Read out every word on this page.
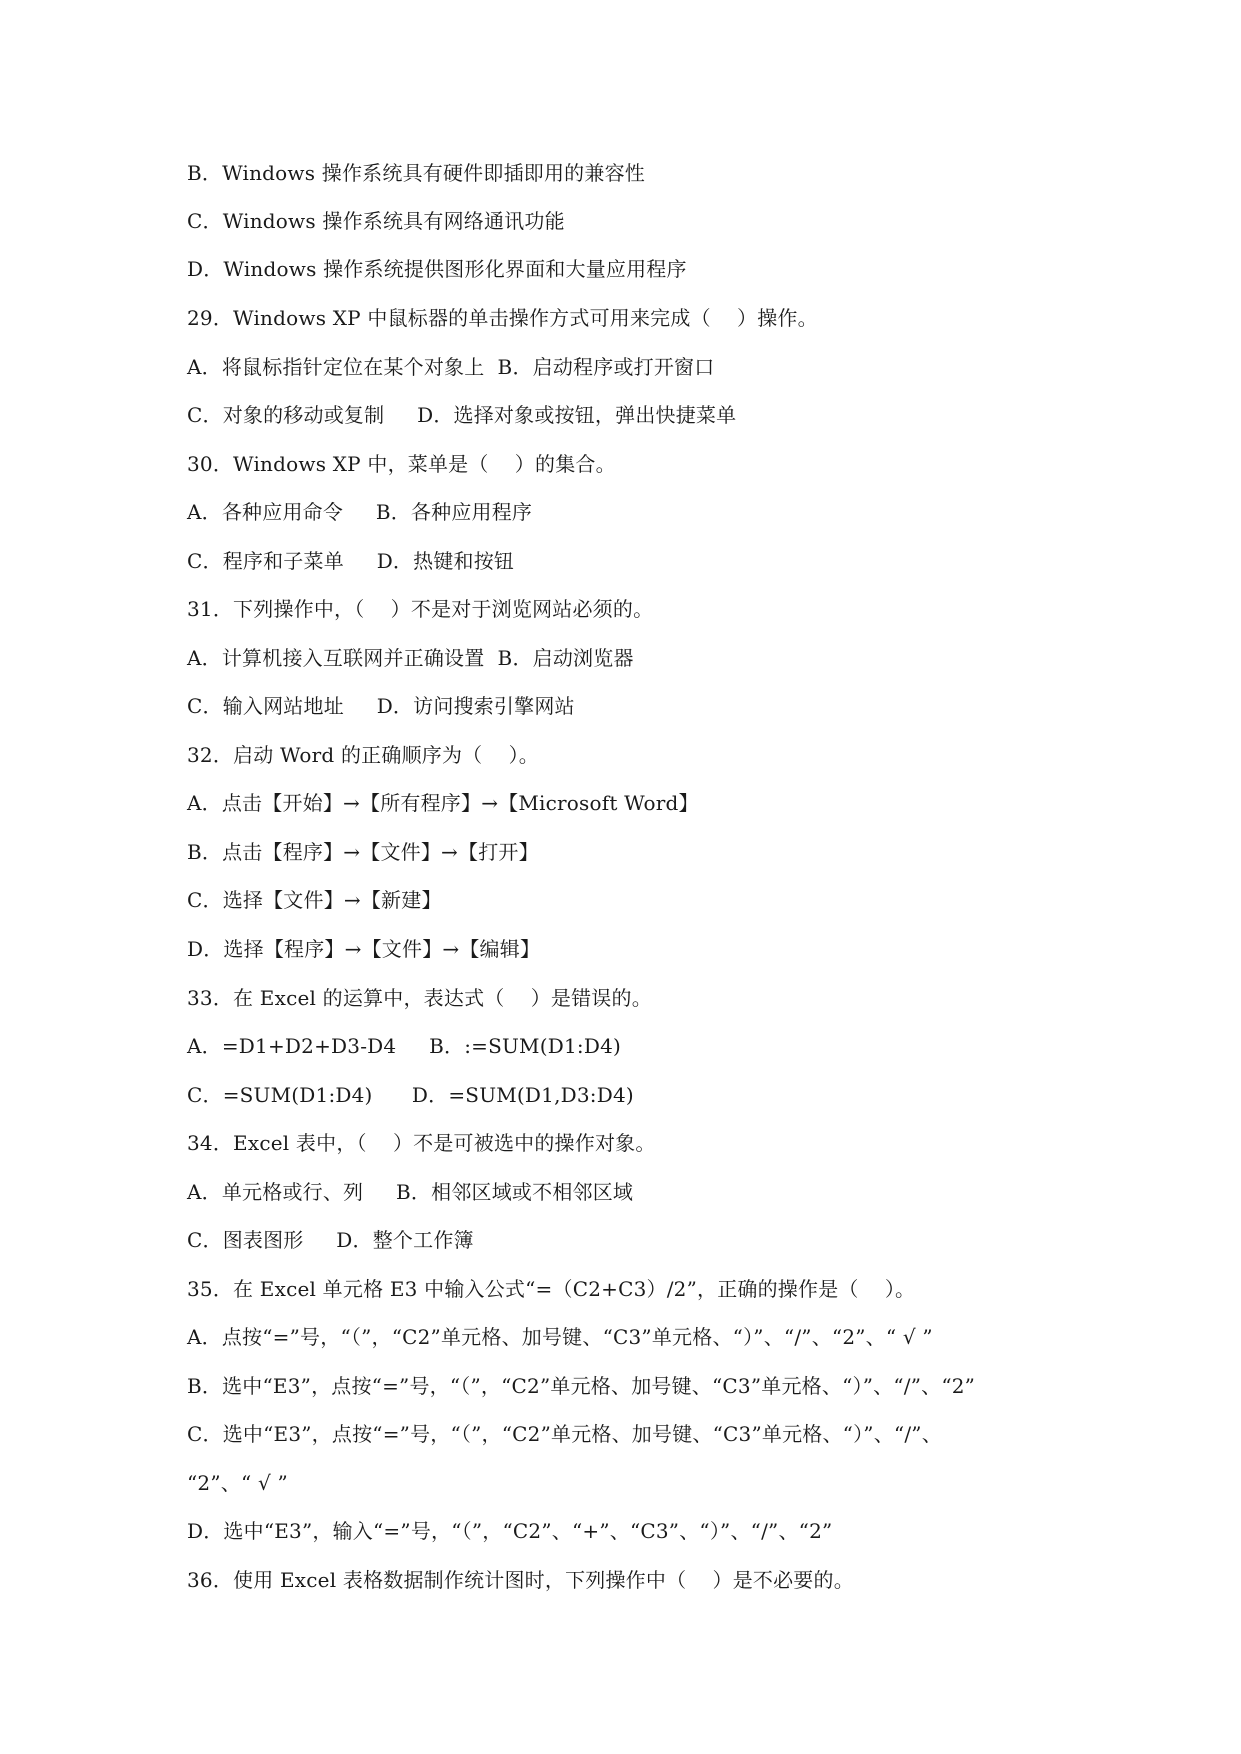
B．Windows 操作系统具有硬件即插即用的兼容性
C．Windows 操作系统具有网络通讯功能
D．Windows 操作系统提供图形化界面和大量应用程序
29．Windows XP 中鼠标器的单击操作方式可用来完成（    ）操作。
A．将鼠标指针定位在某个对象上  B．启动程序或打开窗口
C．对象的移动或复制     D．选择对象或按钮，弹出快捷菜单
30．Windows XP 中，菜单是（    ）的集合。
A．各种应用命令     B．各种应用程序
C．程序和子菜单     D．热键和按钮
31．下列操作中，（    ）不是对于浏览网站必须的。
A．计算机接入互联网并正确设置  B．启动浏览器
C．输入网站地址     D．访问搜索引擎网站
32．启动 Word 的正确顺序为（    ）。
A．点击【开始】→【所有程序】→【Microsoft Word】
B．点击【程序】→【文件】→【打开】
C．选择【文件】→【新建】
D．选择【程序】→【文件】→【编辑】
33．在 Excel 的运算中，表达式（    ）是错误的。
A．=D1+D2+D3-D4     B．:=SUM(D1:D4)
C．=SUM(D1:D4)      D．=SUM(D1,D3:D4)
34．Excel 表中，（    ）不是可被选中的操作对象。
A．单元格或行、列     B．相邻区域或不相邻区域
C．图表图形     D．整个工作簿
35．在 Excel 单元格 E3 中输入公式“=（C2+C3）/2”，正确的操作是（    ）。
A．点按“=”号，“（”，“C2”单元格、加号键、“C3”单元格、“）”、“/”、“2”、“ √ ”
B．选中“E3”，点按“=”号，“（”，“C2”单元格、加号键、“C3”单元格、“）”、“/”、“2”
C．选中“E3”，点按“=”号，“（”，“C2”单元格、加号键、“C3”单元格、“）”、“/”、
“2”、“ √ ”
D．选中“E3”，输入“=”号，“（”，“C2”、“+”、“C3”、“）”、“/”、“2”
36．使用 Excel 表格数据制作统计图时，下列操作中（    ）是不必要的。
